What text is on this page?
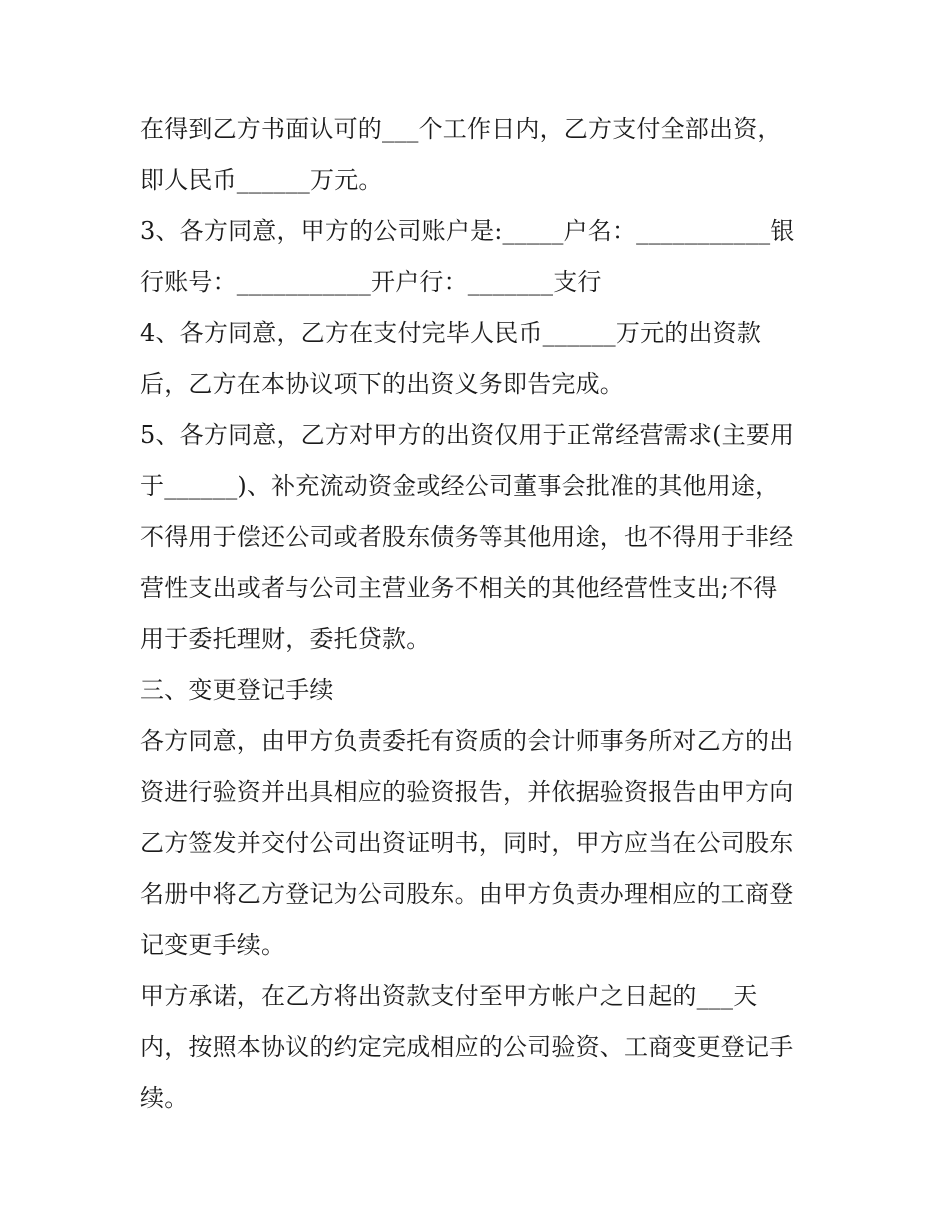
在得到乙方书面认可的___个工作日内，乙方支付全部出资，
即人民币______万元。
3、各方同意，甲方的公司账户是:_____户名：___________银
行账号：___________开户行：_______支行
4、各方同意，乙方在支付完毕人民币______万元的出资款
后，乙方在本协议项下的出资义务即告完成。
5、各方同意，乙方对甲方的出资仅用于正常经营需求(主要用
于______)、补充流动资金或经公司董事会批准的其他用途，
不得用于偿还公司或者股东债务等其他用途，也不得用于非经
营性支出或者与公司主营业务不相关的其他经营性支出;不得
用于委托理财，委托贷款。
三、变更登记手续
各方同意，由甲方负责委托有资质的会计师事务所对乙方的出
资进行验资并出具相应的验资报告，并依据验资报告由甲方向
乙方签发并交付公司出资证明书，同时，甲方应当在公司股东
名册中将乙方登记为公司股东。由甲方负责办理相应的工商登
记变更手续。
甲方承诺，在乙方将出资款支付至甲方帐户之日起的___天
内，按照本协议的约定完成相应的公司验资、工商变更登记手
续。
